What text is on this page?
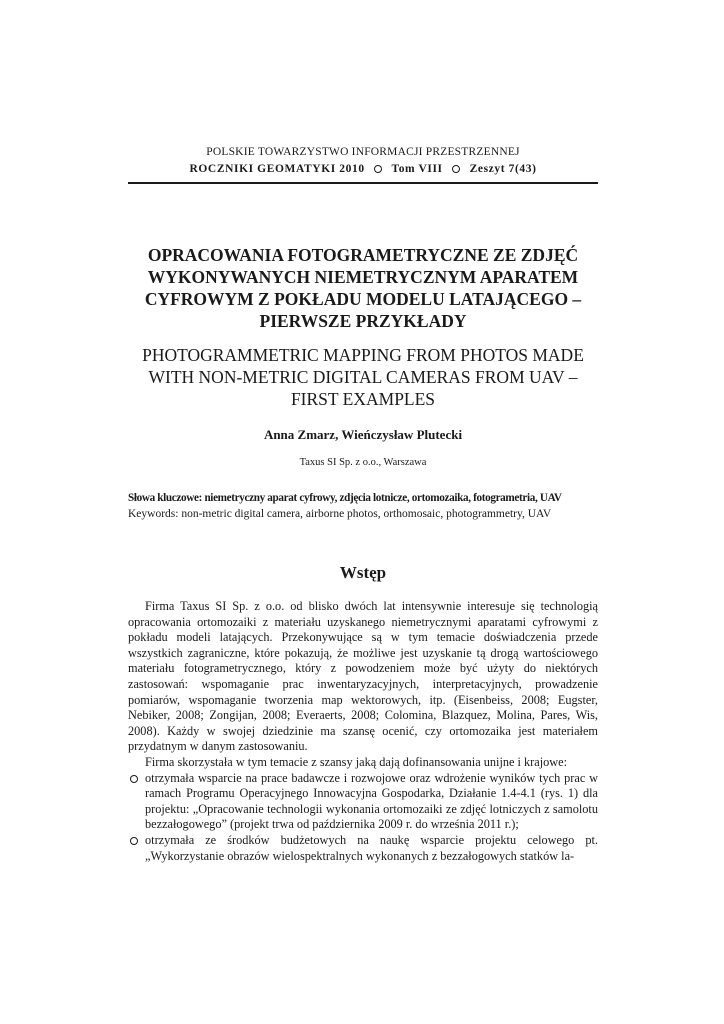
POLSKIE TOWARZYSTWO INFORMACJI PRZESTRZENNEJ
ROCZNIKI GEOMATYKI 2010 Tom VIII Zeszyt 7(43)
OPRACOWANIA FOTOGRAMETRYCZNE ZE ZDJĘĆ WYKONYWANYCH NIEMETRYCZNYM APARATEM CYFROWYM Z POKŁADU MODELU LATAJĄCEGO – PIERWSZE PRZYKŁADY
PHOTOGRAMMETRIC MAPPING FROM PHOTOS MADE WITH NON-METRIC DIGITAL CAMERAS FROM UAV – FIRST EXAMPLES
Anna Zmarz, Wieńczysław Plutecki
Taxus SI Sp. z o.o., Warszawa
Słowa kluczowe: niemetryczny aparat cyfrowy, zdjęcia lotnicze, ortomozaika, fotogrametria, UAV
Keywords: non-metric digital camera, airborne photos, orthomosaic, photogrammetry, UAV
Wstęp

Firma Taxus SI Sp. z o.o. od blisko dwóch lat intensywnie interesuje się technologią opracowania ortomozaiki z materiału uzyskanego niemetrycznymi aparatami cyfrowymi z pokładu modeli latających. Przekonywujące są w tym temacie doświadczenia przede wszystkich zagraniczne, które pokazują, że możliwe jest uzyskanie tą drogą wartościowego materiału fotogrametrycznego, który z powodzeniem może być użyty do niektórych zastosowań: wspomaganie prac inwentaryzacyjnych, interpretacyjnych, prowadzenie pomiarów, wspomaganie tworzenia map wektorowych, itp. (Eisenbeiss, 2008; Eugster, Nebiker, 2008; Zongijan, 2008; Everaerts, 2008; Colomina, Blazquez, Molina, Pares, Wis, 2008). Każdy w swojej dziedzinie ma szansę ocenić, czy ortomozaika jest materiałem przydatnym w danym zastosowaniu.

Firma skorzystała w tym temacie z szansy jaką dają dofinansowania unijne i krajowe:

otrzymała wsparcie na prace badawcze i rozwojowe oraz wdrożenie wyników tych prac w ramach Programu Operacyjnego Innowacyjna Gospodarka, Działanie 1.4-4.1 (rys. 1) dla projektu: „Opracowanie technologii wykonania ortomozaiki ze zdjęć lotniczych z samolotu bezzałogowego” (projekt trwa od października 2009 r. do września 2011 r.);
otrzymała ze środków budżetowych na naukę wsparcie projektu celowego pt. „Wykorzystanie obrazów wielospektralnych wykonanych z bezzałogowych statków la-
